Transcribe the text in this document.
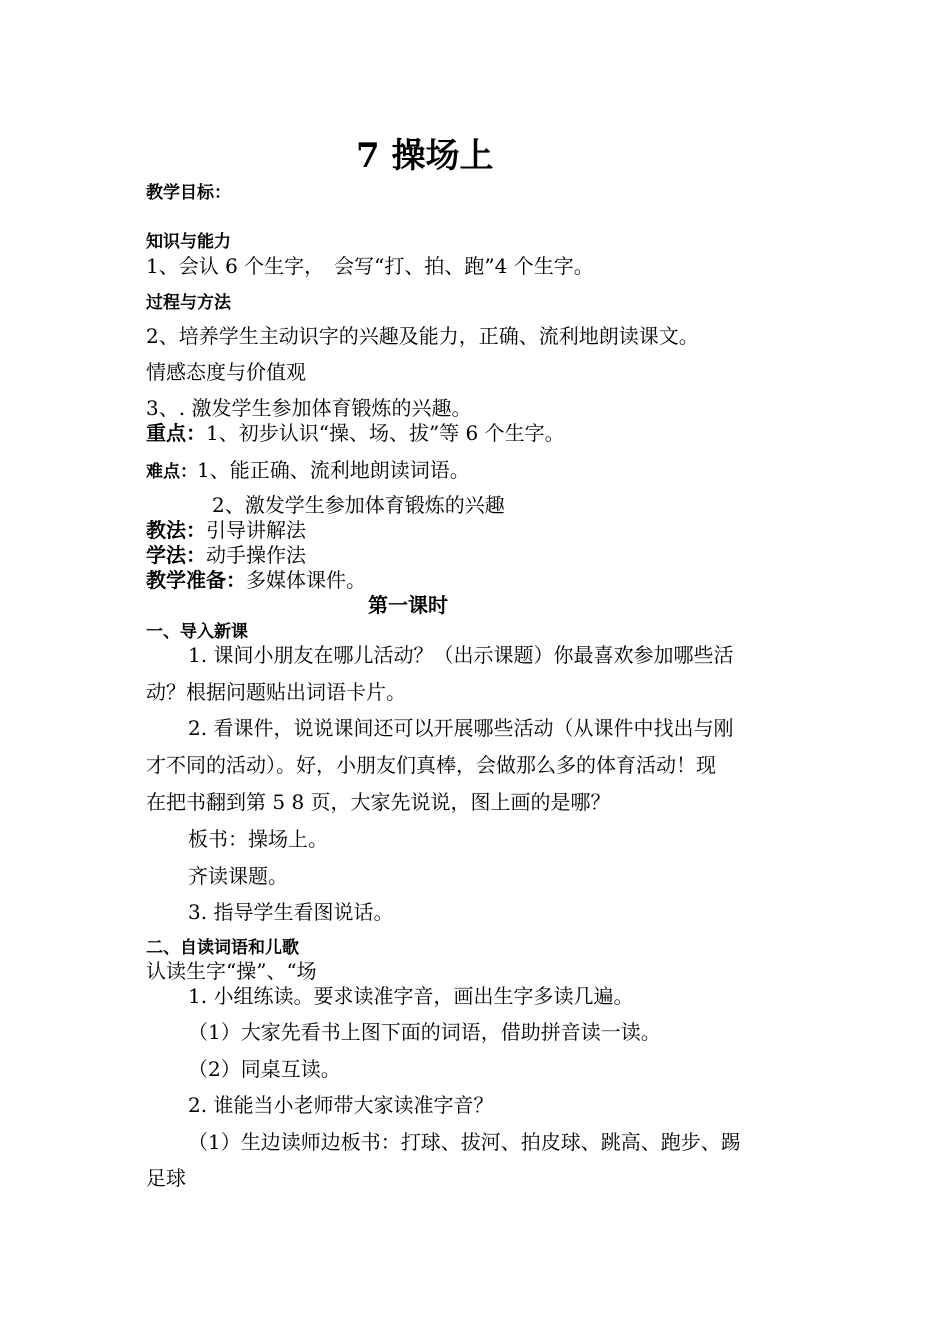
7 操场上
教学目标：
知识与能力
1、会认 6 个生字，　会写“打、拍、跑”4 个生字。
过程与方法
2、培养学生主动识字的兴趣及能力，正确、流利地朗读课文。
情感态度与价值观
3、. 激发学生参加体育锻炼的兴趣。
重点：1、初步认识“操、场、拔”等 6 个生字。
难点：1、能正确、流利地朗读词语。
2、激发学生参加体育锻炼的兴趣
教法：引导讲解法
学法：动手操作法
教学准备：多媒体课件。
第一课时
一、导入新课
1. 课间小朋友在哪儿活动？（出示课题）你最喜欢参加哪些活
动？根据问题贴出词语卡片。
2. 看课件，说说课间还可以开展哪些活动（从课件中找出与刚
才不同的活动）。好，小朋友们真棒，会做那么多的体育活动！现
在把书翻到第 5 8 页，大家先说说，图上画的是哪？
板书：操场上。
齐读课题。
3. 指导学生看图说话。
二、自读词语和儿歌
认读生字“操”、“场
1. 小组练读。要求读准字音，画出生字多读几遍。
（1）大家先看书上图下面的词语，借助拼音读一读。
（2）同桌互读。
2. 谁能当小老师带大家读准字音？
（1）生边读师边板书：打球、拔河、拍皮球、跳高、跑步、踢
足球
